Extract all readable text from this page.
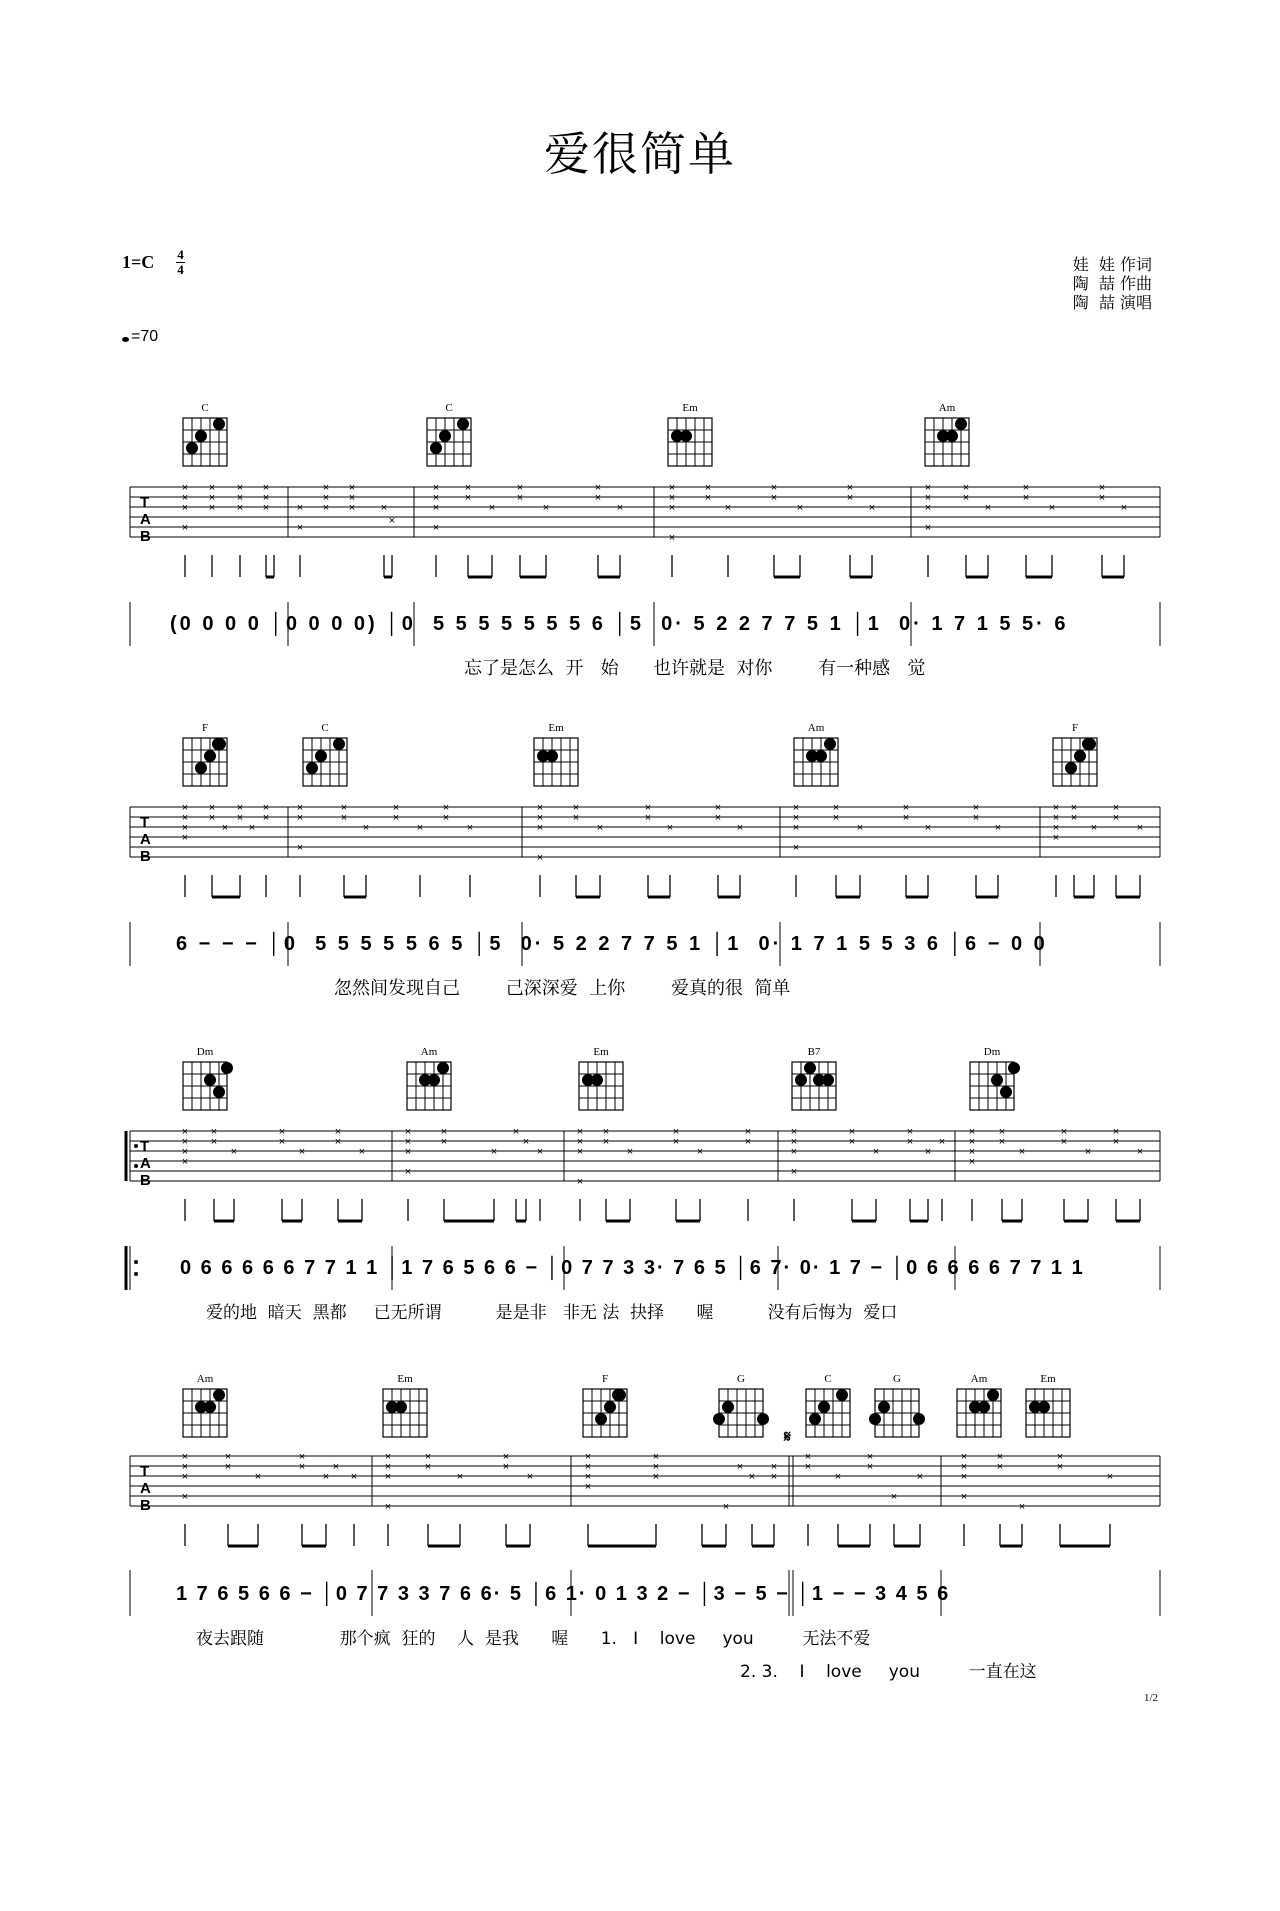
爱很简单
1=C 4
4
=70
娃  娃 作词
陶  喆 作曲
陶  喆 演唱
T
A
B
×
×
×
×
×
×
×
×
×
×
×
×
×
×
×
×
×
×
×
×
× ×
×
×
×
×
×
×
×
×
×
×
×
×
×
×
×
×
×
×
×
×
×
×
×
×
×
×
×
×
×
×
×
×
×
×
×
×
×
×
×
×
T
A
B
×
×
×
×
×
×
×
×
×
×
×
×
×
×
×
×
×
×
×
×
×
×
×
×
×
×
×
×
×
×
×
×
×
×
×
×
×
×
×
×
×
×
×
×
×
×
×
×
×
×
×
×
×
×
×
×
×
×
×
×
T
A
B
×
×
×
×
×
×
×
×
×
×
×
×
×
×
×
×
×
×
×
×
×
×
×
×
×
×
×
×
×
×
×
×
×
×
×
×
×
×
×
×
×
×
×
×
×
×
×
×
×
×
×
×
×
×
×
×
×
×
×
T
A
B
𝄋
×
×
×
×
×
×
×
×
×
×
×
×
×
×
×
×
×
×
×
×
×
×
×
×
×
×
×
×
×
×
×
×
×
×
×
×
×
×
×
×
×
×
×
×
×
×
×
×
×
×
×
C	C	Em	Am
F	C	Em	Am	F
Dm	Am	Em	B7	Dm
Am	Em	F	G	C	G	Am	Em
(0 0 0 0 │0 0 0 0) │0  5 5 5 5 5 5 5 6 │5  0· 5 2 2 7 7 5 1 │1  0· 1 7 1 5 5· 6
6 − − − │0  5 5 5 5 5 6 5 │5  0· 5 2 2 7 7 5 1 │1  0· 1 7 1 5 5 3 6 │6 − 0 0
0 6 6 6 6 6 7 7 1 1 │1 7 6 5 6 6 − │0 7 7 3 3· 7 6 5 │6 7· 0· 1 7 − │0 6 6 6 6 7 7 1 1
1 7 6 5 6 6 − │0 7 7 3 3 7 6 6· 5 │6 1· 0 1 3 2 − │3 − 5 − │1 − − 3 4 5 6
忘了是怎么  开   始      也许就是  对你        有一种感   觉
忽然间发现自己        己深深爱  上你        爱真的很  简单
爱的地  暗天  黑都     已无所谓          是是非   非无 法  抉择      喔          没有后悔为  爱口
夜去跟随              那个疯  狂的    人  是我      喔      1.   I    love     you         无法不爱
2. 3.    I    love     you         一直在这
1/2
